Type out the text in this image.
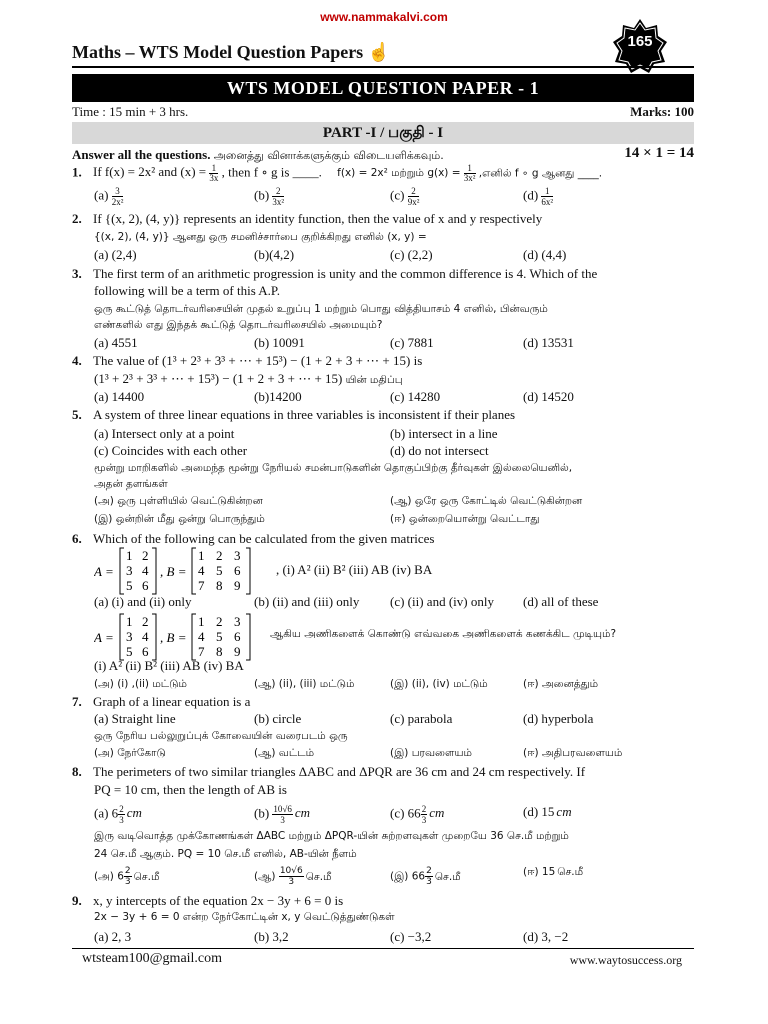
www.nammakalvi.com
Maths – WTS Model Question Papers ☝
165
WTS MODEL QUESTION PAPER - 1
Time : 15 min + 3 hrs.	Marks: 100
PART -I / பகுதி - I
Answer all the questions. அனைத்து வினாக்களுக்கும் விடையளிக்கவும்.	14 × 1 = 14
1. If f(x) = 2x² and $(x) = \frac{1}{3x}$ , then f ∘ g is ____. f(x) = 2x² மற்றும் $g(x) = \frac{1}{\text{3x²}}$ ,எனில் f ∘ g ஆனது ____.
$(a) \frac{3}{\text{2x²}}$	$(b) \frac{2}{\text{3x²}}$	$(c) \frac{2}{\text{9x²}}$	$(d) \frac{1}{\text{6x²}}$
2. If {(x, 2), (4, y)} represents an identity function, then the value of x and y respectively
{(x, 2), (4, y)} ஆனது ஒரு சமனிச்சார்பை குறிக்கிறது எனில் (x, y) =
(a) (2,4)	(b)(4,2)	(c) (2,2)	(d) (4,4)
3. The first term of an arithmetic progression is unity and the common difference is 4. Which of the
following will be a term of this A.P.
ஒரு கூட்டுத் தொடர்வரிசையின் முதல் உறுப்பு 1 மற்றும் பொது வித்தியாசம் 4 எனில், பின்வரும்
எண்களில் எது இந்தக் கூட்டுத் தொடர்வரிசையில் அமையும்?
(a) 4551	(b) 10091	(c) 7881	(d) 13531
4. The value of (1³ + 2³ + 3³ + ⋯ + 15³) − (1 + 2 + 3 + ⋯ + 15) is
(1³ + 2³ + 3³ + ⋯ + 15³) − (1 + 2 + 3 + ⋯ + 15) யின் மதிப்பு
(a) 14400	(b)14200	(c) 14280	(d) 14520
5. A system of three linear equations in three variables is inconsistent if their planes
(a) Intersect only at a point	(b) intersect in a line
(c) Coincides with each other	(d) do not intersect
மூன்று மாறிகளில் அமைந்த மூன்று நேரியல் சமன்பாடுகளின் தொகுப்பிற்கு தீர்வுகள் இல்லையெனில்,
அதன் தளங்கள்
(அ) ஒரு புள்ளியில் வெட்டுகின்றன	(ஆ) ஒரே ஒரு கோட்டில் வெட்டுகின்றன
(இ) ஒன்றின் மீது ஒன்று பொருந்தும்	(ஈ) ஒன்றையொன்று வெட்டாது
6. Which of the following can be calculated from the given matrices
A =
1 2
3 4
5 6
, B =
1 2 3
4 5 6
7 8 9
, (i) A² (ii) B² (iii) AB (iv) BA
(a) (i) and (ii) only	(b) (ii) and (iii) only (c) (ii) and (iv) only (d) all of these
A =
1 2
3 4
5 6
, B =
1 2 3
4 5 6
7 8 9
ஆகிய அணிகளைக் கொண்டு எவ்வகை அணிகளைக் கணக்கிட முடியும்?
(i) A² (ii) B² (iii) AB (iv) BA
(அ) (i) ,(ii) மட்டும்	(ஆ) (ii), (iii) மட்டும்	(இ) (ii), (iv) மட்டும்	(ஈ) அனைத்தும்
7. Graph of a linear equation is a
(a) Straight line	(b) circle	(c) parabola	(d) hyperbola
ஒரு நேரிய பல்லுறுப்புக் கோவையின் வரைபடம் ஒரு
(அ) நேர்கோடு	(ஆ) வட்டம்	(இ) பரவளையம்	(ஈ) அதிபரவளையம்
8. The perimeters of two similar triangles ΔABC and ΔPQR are 36 cm and 24 cm respectively. If
PQ = 10 cm, then the length of AB is
(a) $6 \frac{2}{3}$ cm	$(b) \frac{10√6}{3}$ cm	(c) $66 \frac{2}{3}$ cm	(d) 15 cm
இரு வடிவொத்த முக்கோணங்கள் ΔABC மற்றும் ΔPQR-யின் சுற்றளவுகள் முறையே 36 செ.மீ மற்றும்
24 செ.மீ ஆகும். PQ = 10 செ.மீ எனில், AB-யின் நீளம்
(அ) $6 \frac{2}{3}$ செ.மீ	(ஆ) $\frac{10√6}{3}$ செ.மீ	(இ) $66 \frac{2}{3}$ செ.மீ	(ஈ) 15 செ.மீ
9. x, y intercepts of the equation 2x − 3y + 6 = 0 is
2x − 3y + 6 = 0 என்ற நேர்கோட்டின் x, y வெட்டுத்துண்டுகள்
(a) 2, 3	(b) 3,2	(c) −3,2	(d) 3, −2
wtsteam100@gmail.com	www.waytosuccess.org
